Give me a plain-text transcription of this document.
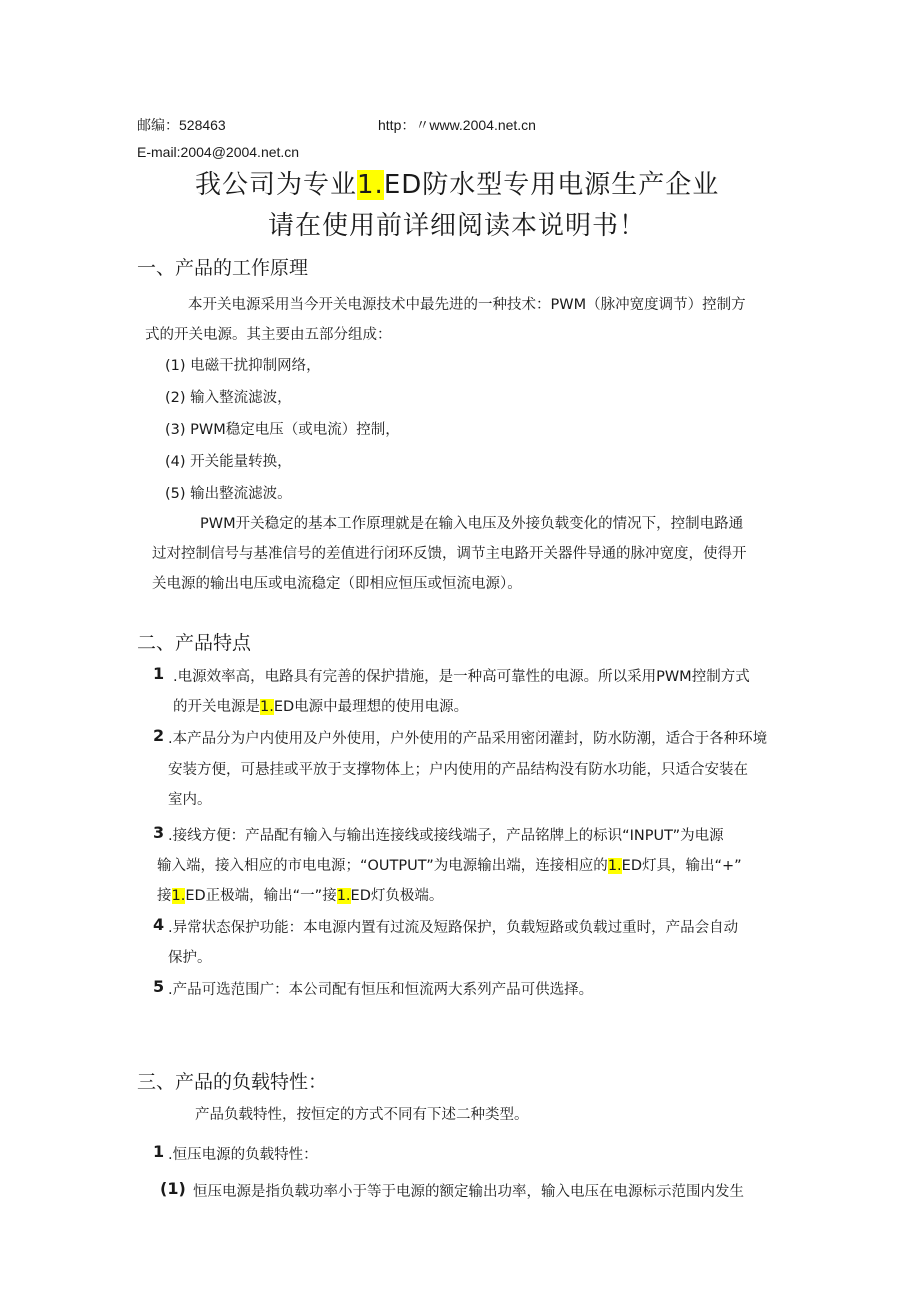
邮编：528463	http：〃www.2004.net.cn
E-mail:2004@2004.net.cn
我公司为专业1.ED防水型专用电源生产企业
请在使用前详细阅读本说明书！
一、产品的工作原理
本开关电源采用当今开关电源技术中最先进的一种技术：PWM（脉冲宽度调节）控制方
式的开关电源。其主要由五部分组成：
(1) 电磁干扰抑制网络，
(2) 输入整流滤波，
(3) PWM稳定电压（或电流）控制，
(4) 开关能量转换，
(5) 输出整流滤波。
PWM开关稳定的基本工作原理就是在输入电压及外接负载变化的情况下，控制电路通
过对控制信号与基准信号的差值进行闭环反馈，调节主电路开关器件导通的脉冲宽度，使得开
关电源的输出电压或电流稳定（即相应恒压或恒流电源）。
二、产品特点
1 .电源效率高，电路具有完善的保护措施，是一种高可靠性的电源。所以采用PWM控制方式
的开关电源是1.ED电源中最理想的使用电源。
2 .本产品分为户内使用及户外使用，户外使用的产品采用密闭灌封，防水防潮，适合于各种环境
安装方便，可悬挂或平放于支撑物体上；户内使用的产品结构没有防水功能，只适合安装在
室内。
3 .接线方便：产品配有输入与输出连接线或接线端子，产品铭牌上的标识“INPUT”为电源
输入端，接入相应的市电电源；“OUTPUT”为电源输出端，连接相应的1.ED灯具，输出“+”
接1.ED正极端，输出“一”接1.ED灯负极端。
4 .异常状态保护功能：本电源内置有过流及短路保护，负载短路或负载过重时，产品会自动
保护。
5 .产品可选范围广：本公司配有恒压和恒流两大系列产品可供选择。
三、产品的负载特性：
产品负载特性，按恒定的方式不同有下述二种类型。
1 .恒压电源的负载特性：
(1) 恒压电源是指负载功率小于等于电源的额定输出功率，输入电压在电源标示范围内发生
